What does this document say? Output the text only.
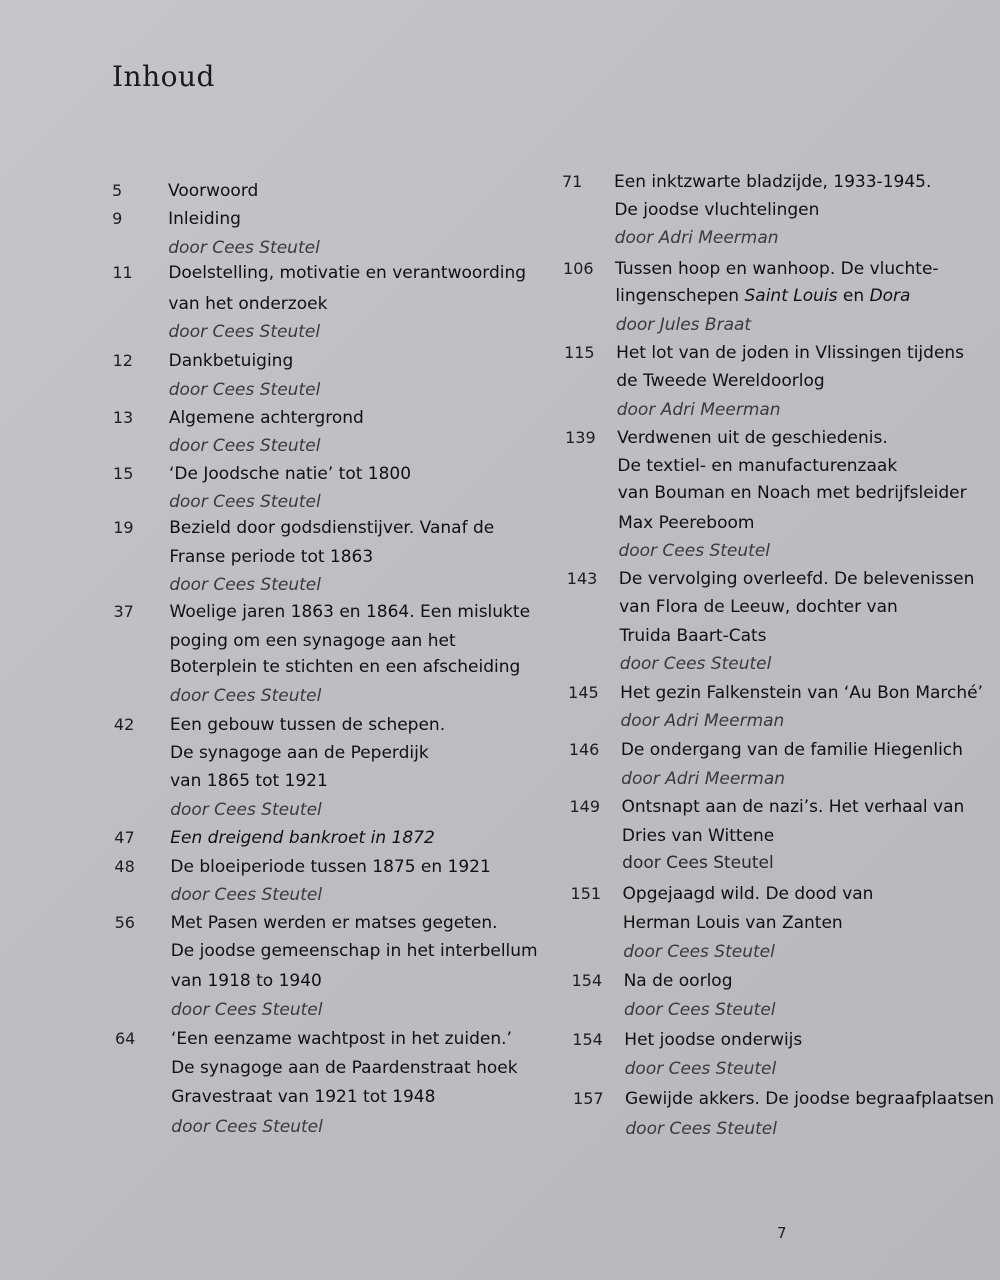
Inhoud
5	Voorwoord
9	Inleiding
door Cees Steutel
11 Doelstelling, motivatie en verantwoording
van het onderzoek
door Cees Steutel
12 Dankbetuiging
door Cees Steutel
13 Algemene achtergrond
door Cees Steutel
15 ‘De Joodsche natie’ tot 1800
door Cees Steutel
19 Bezield door godsdienstijver. Vanaf de
Franse periode tot 1863
door Cees Steutel
37 Woelige jaren 1863 en 1864. Een mislukte
poging om een synagoge aan het
Boterplein te stichten en een afscheiding
door Cees Steutel
42 Een gebouw tussen de schepen.
De synagoge aan de Peperdijk
van 1865 tot 1921
door Cees Steutel
47 Een dreigend bankroet in 1872
48 De bloeiperiode tussen 1875 en 1921
door Cees Steutel
56 Met Pasen werden er matses gegeten.
De joodse gemeenschap in het interbellum
van 1918 to 1940
door Cees Steutel
64 ‘Een eenzame wachtpost in het zuiden.’
De synagoge aan de Paardenstraat hoek
Gravestraat van 1921 tot 1948
door Cees Steutel
71 Een inktzwarte bladzijde, 1933-1945.
De joodse vluchtelingen
door Adri Meerman
106 Tussen hoop en wanhoop. De vluchte-
lingenschepen Saint Louis en Dora
door Jules Braat
115 Het lot van de joden in Vlissingen tijdens
de Tweede Wereldoorlog
door Adri Meerman
139 Verdwenen uit de geschiedenis.
De textiel- en manufacturenzaak
van Bouman en Noach met bedrijfsleider
Max Peereboom
door Cees Steutel
143 De vervolging overleefd. De belevenissen
van Flora de Leeuw, dochter van
Truida Baart-Cats
door Cees Steutel
145 Het gezin Falkenstein van ‘Au Bon Marché’
door Adri Meerman
146 De ondergang van de familie Hiegenlich
door Adri Meerman
149 Ontsnapt aan de nazi’s. Het verhaal van
Dries van Wittene
door Cees Steutel
151 Opgejaagd wild. De dood van
Herman Louis van Zanten
door Cees Steutel
154 Na de oorlog
door Cees Steutel
154 Het joodse onderwijs
door Cees Steutel
157 Gewijde akkers. De joodse begraafplaatsen
door Cees Steutel
7
